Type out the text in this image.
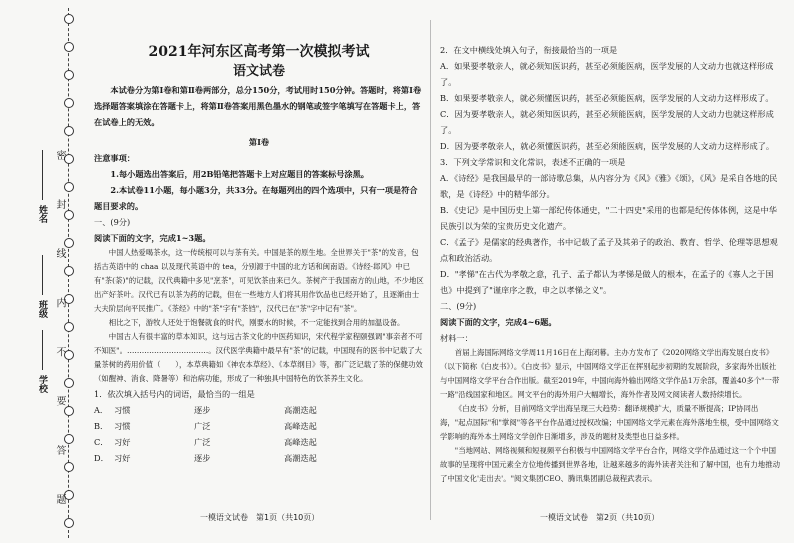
姓名
班级
学校 密 封 线 内 不 要 答 题

2021年河东区高考第一次模拟考试

语文试卷

本试卷分为第Ⅰ卷和第Ⅱ卷两部分，总分150分，考试用时150分钟。答题时，将第Ⅰ卷选择题答案填涂在答题卡上，将第Ⅱ卷答案用黑色墨水的钢笔或签字笔填写在答题卡上，答在试卷上的无效。

第Ⅰ卷

注意事项：

1.每小题选出答案后，用2B铅笔把答题卡上对应题目的答案标号涂黑。

2.本试卷11小题，每小题3分，共33分。在每题列出的四个选项中，只有一项是符合题目要求的。

一、(9分)

阅读下面的文字，完成1~3题。

中国人热爱喝茶水，这一传统根可以与茶有关。中国是茶的原生地。全世界关于"茶"的发音，包括古英语中的 chaa 以及现代英语中的 tea，分别源于中国的北方话和闽南语。《诗经·邶风》中已有"茶(荼)"的记载，汉代典籍中多见"烹茶"，可见饮茶由来已久。茶树产于我国南方的山地，不少地区出产好茶叶。汉代已有以茶为药的记载，但在一些地方人们将其用作饮品也已经开始了，且逐渐由士大夫阶层向平民推广。《茶经》中的"茶"字有"茶铛"，汉代已在"茶"字中记有"茶"。

相比之下，游牧人还处于饱餐就食的时代，刚要水的时候，不一定能找到合用的加温设备。

中国古人有很丰富的草本知识，这与远古茶文化的中医药知识，宋代程学家程颐强调"事亲者不可不知医"。……………………………。汉代医学典籍中最早有"茶"的记载，中国现有的医书中记载了大量茶树的药用价值（　　），本草典籍如《神农本草经》、《本草纲目》等，都广泛记载了茶的保健功效（如醒神、消食、降暑等）和治病功能，形成了一种独具中国特色的饮茶养生文化。

1．依次填入括号内的词语，最恰当的一组是

A． 习惯	逐步	高潮迭起
B． 习惯	广泛	高峰迭起
C． 习好	广泛	高峰迭起
D． 习好	逐步	高潮迭起
一模语文试卷　第1页（共10页）

2．在文中横线处填入句子，衔接最恰当的一项是

A．如果要孝敬亲人，就必须知医识药，甚至必须能医病，医学发展的人文动力也就这样形成了。

B．如果要孝敬亲人，就必须懂医识药，甚至必须能医病，医学发展的人文动力这样形成了。

C．因为要孝敬亲人，就必须知医识药，甚至必须能医病，医学发展的人文动力也就这样形成了。

D．因为要孝敬亲人，就必须懂医识药，甚至必须能医病，医学发展的人文动力这样形成了。

3．下列文学常识和文化常识，表述不正确的一项是

A．《诗经》是我国最早的一部诗歌总集，从内容分为《风》《雅》《颂》，《风》是采自各地的民歌，是《诗经》中的精华部分。

B．《史记》是中国历史上第一部纪传体通史，"二十四史"采用的也都是纪传体体例，这是中华民族引以为荣的宝贵历史文化遗产。

C．《孟子》是儒家的经典著作，书中记载了孟子及其弟子的政治、教育、哲学、伦理等思想观点和政治活动。

D．"孝悌"在古代为孝敬之意，孔子、孟子都认为孝悌是做人的根本，在孟子的《寡人之于国也》中提到了"谨庠序之教，申之以孝悌之义"。

二、(9分)

阅读下面的文字，完成4~6题。

材料一：

首届上海国际网络文学周11月16日在上海闭幕。主办方发布了《2020网络文学出海发展白皮书》（以下简称《白皮书》）。《白皮书》显示，中国网络文学正在挥别起步初期的发展阶段，多家海外出版社与中国网络文学平台合作出版。截至2019年，中国向海外输出网络文学作品1万余部，覆盖40多个"一带一路"沿线国家和地区。网文平台的海外用户大幅增长，海外作者及网文阅读者人数持续增长。

《白皮书》分析，目前网络文学出海呈现三大趋势：翻译规模扩大，质量不断提高；IP协同出海，"起点国际"和"掌阅"等各平台作品通过授权改编；中国网络文学元素在海外落地生根，受中国网络文学影响的海外本土网络文学创作日渐增多，涉及的题材及类型也日益多样。

"当地网站、网络视频和短视频平台积极与中国网络文学平台合作，网络文学作品通过这一个个中国故事的呈现将中国元素全方位地传播到世界各地，让越来越多的海外读者关注和了解中国，也有力地推动了中国文化'走出去'。"阅文集团CEO、腾讯集团副总裁程武表示。

一模语文试卷　第2页（共10页）
